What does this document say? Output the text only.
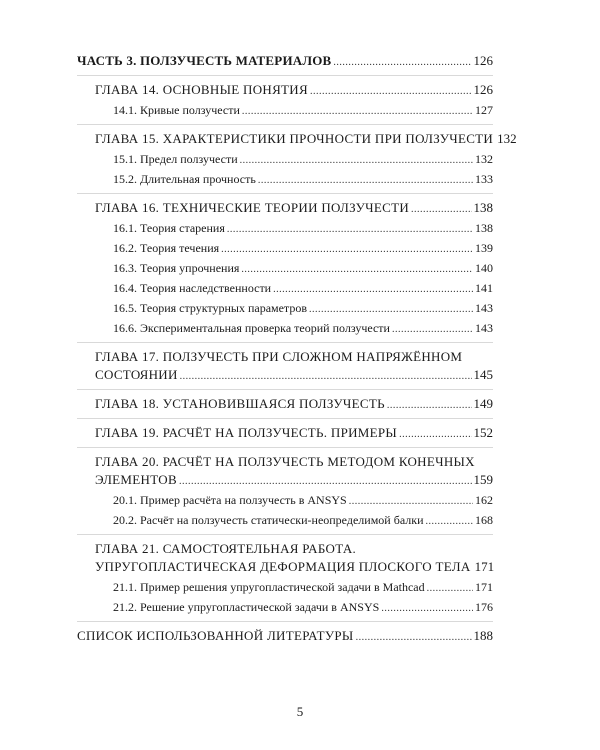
ЧАСТЬ 3. ПОЛЗУЧЕСТЬ МАТЕРИАЛОВ .....	126
ГЛАВА 14. ОСНОВНЫЕ ПОНЯТИЯ .....	126
14.1. Кривые ползучести .....	127
ГЛАВА 15. ХАРАКТЕРИСТИКИ ПРОЧНОСТИ ПРИ ПОЛЗУЧЕСТИ 132
15.1. Предел ползучести .....	132
15.2. Длительная прочность .....	133
ГЛАВА 16. ТЕХНИЧЕСКИЕ ТЕОРИИ ПОЛЗУЧЕСТИ .....	138
16.1. Теория старения .....	138
16.2. Теория течения .....	139
16.3. Теория упрочнения .....	140
16.4. Теория наследственности .....	141
16.5. Теория структурных параметров .....	143
16.6. Экспериментальная проверка теорий ползучести .....	143
ГЛАВА 17. ПОЛЗУЧЕСТЬ ПРИ СЛОЖНОМ НАПРЯЖЁННОМ
СОСТОЯНИИ .....	145
ГЛАВА 18. УСТАНОВИВШАЯСЯ ПОЛЗУЧЕСТЬ .....	149
ГЛАВА 19. РАСЧЁТ НА ПОЛЗУЧЕСТЬ. ПРИМЕРЫ .....	152
ГЛАВА 20. РАСЧЁТ НА ПОЛЗУЧЕСТЬ МЕТОДОМ КОНЕЧНЫХ
ЭЛЕМЕНТОВ .....	159
20.1. Пример расчёта на ползучесть в ANSYS .....	162
20.2. Расчёт на ползучесть статически-неопределимой балки .....	168
ГЛАВА 21. САМОСТОЯТЕЛЬНАЯ РАБОТА.
УПРУГОПЛАСТИЧЕСКАЯ ДЕФОРМАЦИЯ ПЛОСКОГО ТЕЛА 171
21.1. Пример решения упругопластической задачи в Mathcad .....	171
21.2. Решение упругопластической задачи в ANSYS .....	176
СПИСОК ИСПОЛЬЗОВАННОЙ ЛИТЕРАТУРЫ .....	188
5
